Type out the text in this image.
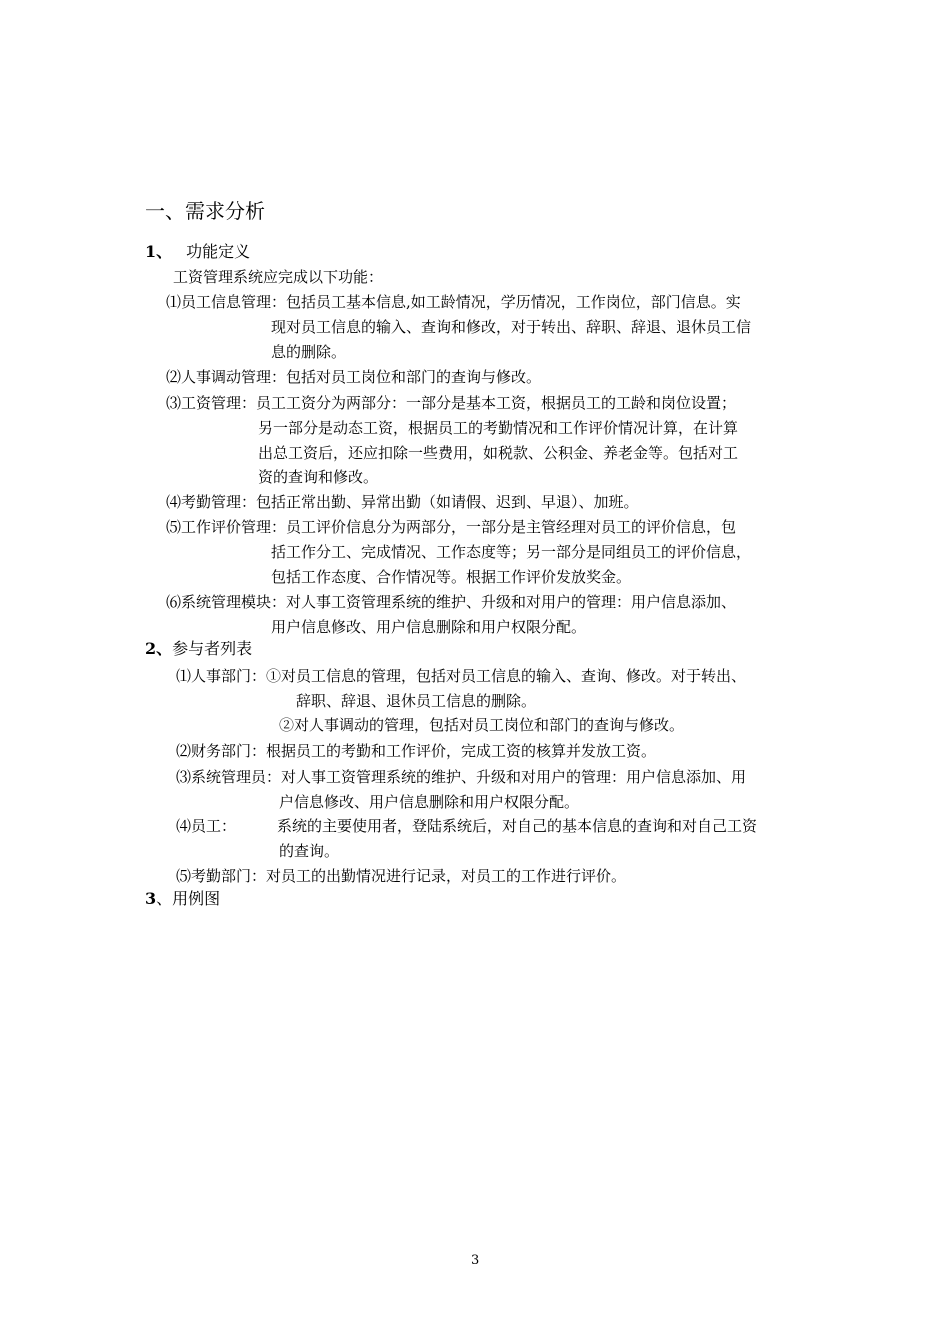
一、需求分析
1、 功能定义
工资管理系统应完成以下功能：
⑴员工信息管理：包括员工基本信息,如工龄情况，学历情况，工作岗位，部门信息。实
现对员工信息的输入、查询和修改，对于转出、辞职、辞退、退休员工信
息的删除。
⑵人事调动管理：包括对员工岗位和部门的查询与修改。
⑶工资管理：员工工资分为两部分：一部分是基本工资，根据员工的工龄和岗位设置；
另一部分是动态工资，根据员工的考勤情况和工作评价情况计算，在计算
出总工资后，还应扣除一些费用，如税款、公积金、养老金等。包括对工
资的查询和修改。
⑷考勤管理：包括正常出勤、异常出勤（如请假、迟到、早退）、加班。
⑸工作评价管理：员工评价信息分为两部分，一部分是主管经理对员工的评价信息，包
括工作分工、完成情况、工作态度等；另一部分是同组员工的评价信息，
包括工作态度、合作情况等。根据工作评价发放奖金。
⑹系统管理模块：对人事工资管理系统的维护、升级和对用户的管理：用户信息添加、
用户信息修改、用户信息删除和用户权限分配。
2、参与者列表
⑴人事部门：①对员工信息的管理，包括对员工信息的输入、查询、修改。对于转出、
辞职、辞退、退休员工信息的删除。
②对人事调动的管理，包括对员工岗位和部门的查询与修改。
⑵财务部门：根据员工的考勤和工作评价，完成工资的核算并发放工资。
⑶系统管理员：对人事工资管理系统的维护、升级和对用户的管理：用户信息添加、用
户信息修改、用户信息删除和用户权限分配。
⑷员工：	系统的主要使用者，登陆系统后，对自己的基本信息的查询和对自己工资
的查询。
⑸考勤部门：对员工的出勤情况进行记录，对员工的工作进行评价。
3、用例图
3
